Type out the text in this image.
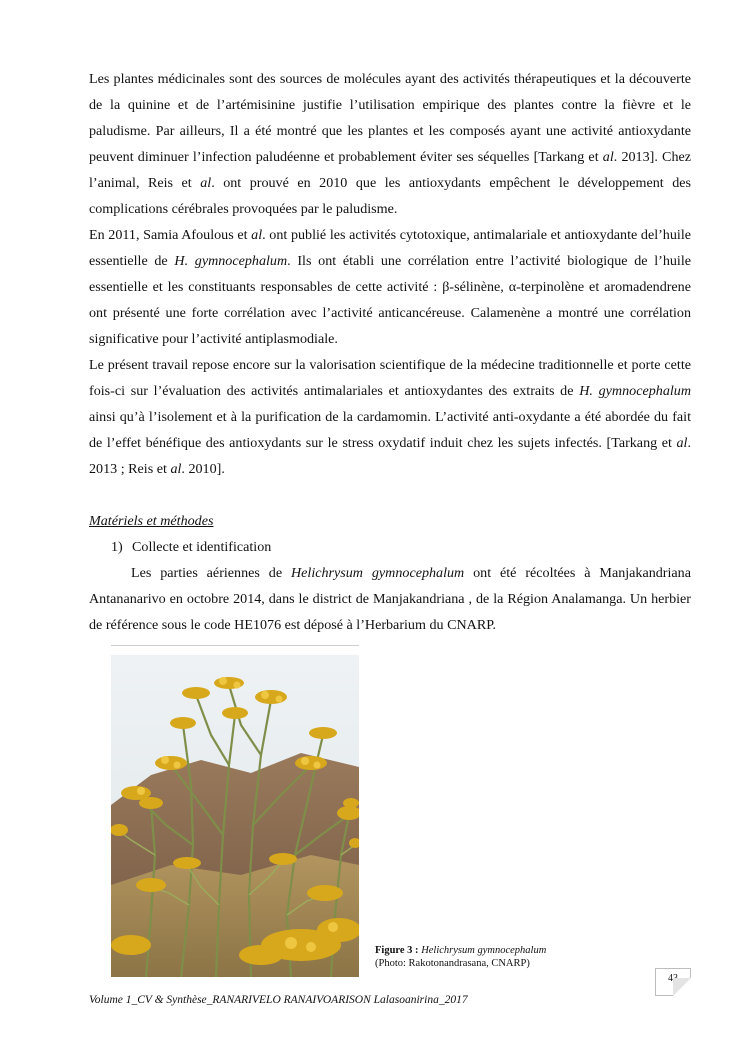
Les plantes médicinales sont des sources de molécules ayant des activités thérapeutiques et la découverte de la quinine et de l’artémisinine justifie l’utilisation empirique des plantes contre la fièvre et le paludisme. Par ailleurs, Il a été montré que les plantes et les composés ayant une activité antioxydante peuvent diminuer l’infection paludéenne et probablement éviter ses séquelles [Tarkang et al. 2013]. Chez l’animal, Reis et al. ont prouvé en 2010 que les antioxydants empêchent le développement des complications cérébrales provoquées par le paludisme.

En 2011, Samia Afoulous et al. ont publié les activités cytotoxique, antimalariale et antioxydante del’huile essentielle de H. gymnocephalum. Ils ont établi une corrélation entre l’activité biologique de l’huile essentielle et les constituants responsables de cette activité : β-sélinène, α-terpinolène et aromadendrene ont présenté une forte corrélation avec l’activité anticancéreuse. Calamenène a montré une corrélation significative pour l’activité antiplasmodiale.

Le présent travail repose encore sur la valorisation scientifique de la médecine traditionnelle et porte cette fois-ci sur l’évaluation des activités antimalariales et antioxydantes des extraits de H. gymnocephalum ainsi qu’à l’isolement et à la purification de la cardamomin. L’activité anti-oxydante a été abordée du fait de l’effet bénéfique des antioxydants sur le stress oxydatif induit chez les sujets infectés. [Tarkang et al. 2013 ; Reis et al. 2010].

Matériels et méthodes

1) Collecte et identification

Les parties aériennes de Helichrysum gymnocephalum ont été récoltées à Manjakandriana Antananarivo en octobre 2014, dans le district de Manjakandriana , de la Région Analamanga. Un herbier de référence sous le code HE1076 est déposé à l’Herbarium du CNARP.

Figure 3 : Helichrysum gymnocephalum
(Photo: Rakotonandrasana, CNARP)
43
Volume 1_CV & Synthèse_RANARIVELO RANAIVOARISON Lalasoanirina_2017
